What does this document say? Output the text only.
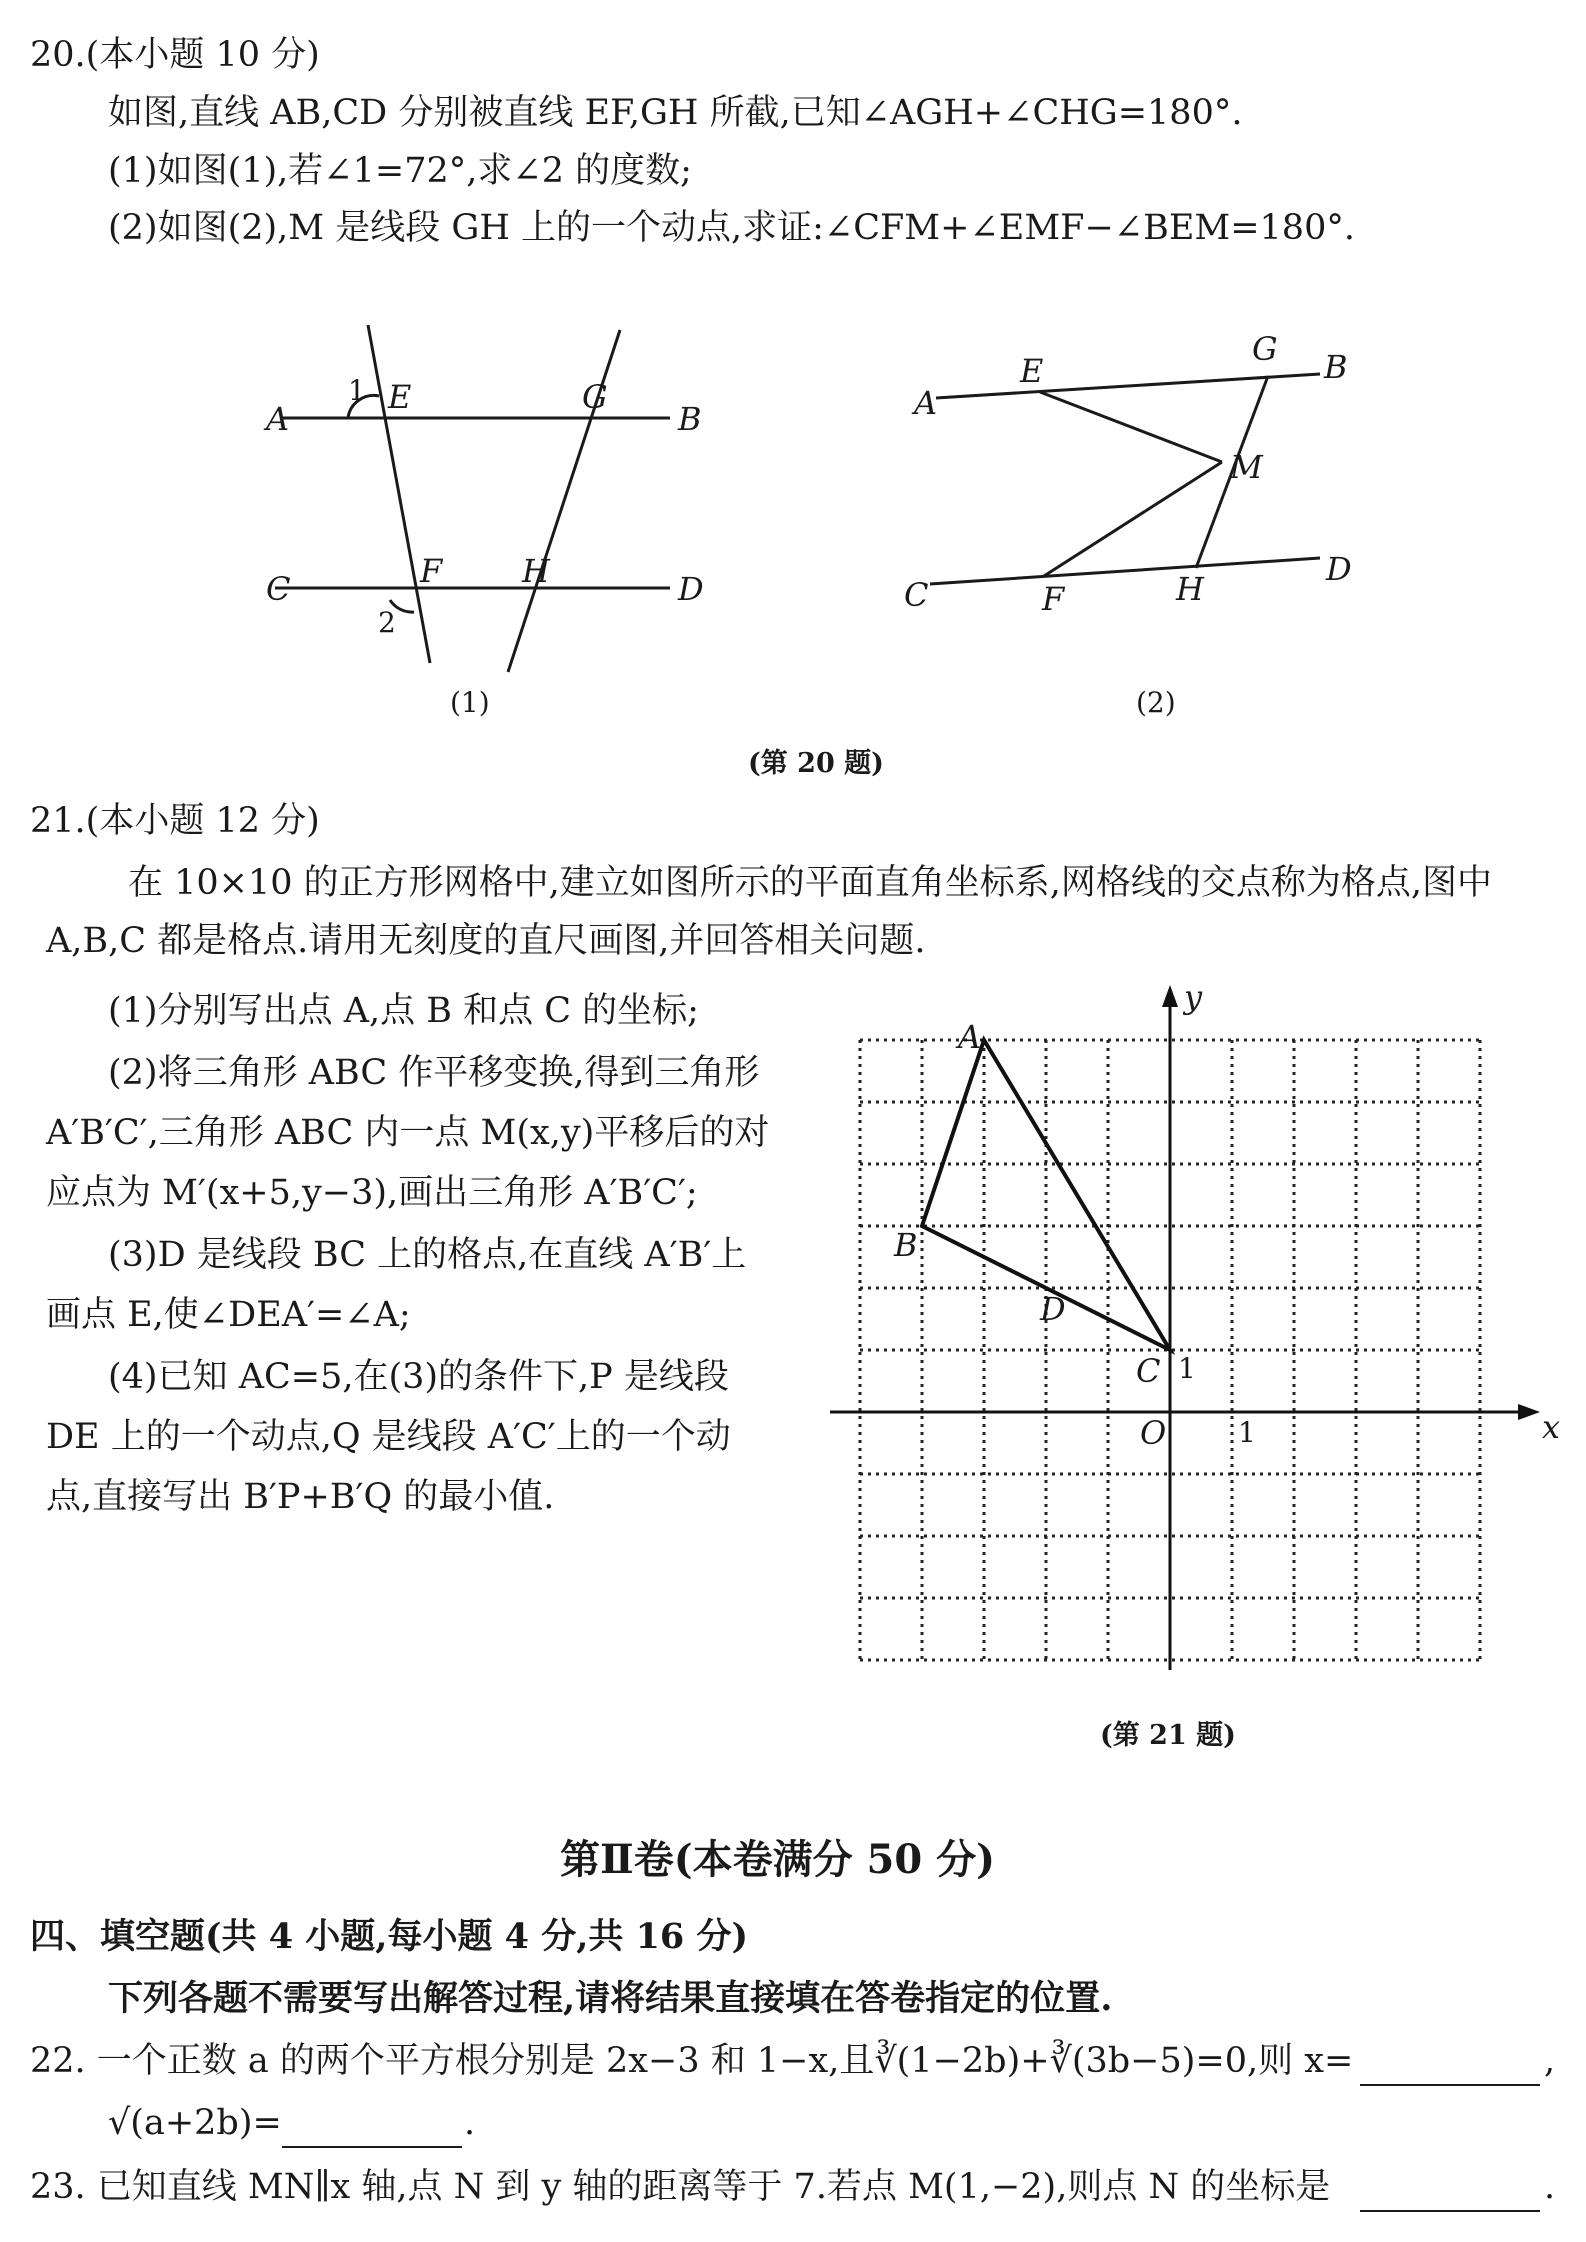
20.(本小题 10 分)
如图,直线 AB,CD 分别被直线 EF,GH 所截,已知∠AGH+∠CHG=180°.
(1)如图(1),若∠1=72°,求∠2 的度数;
(2)如图(2),M 是线段 GH 上的一个动点,求证:∠CFM+∠EMF−∠BEM=180°.
A	B
C	D
E
F
G
H
1
2
(1)
A
B
C
D
E
F
G
H
M
(2)
(第 20 题)
21.(本小题 12 分)
在 10×10 的正方形网格中,建立如图所示的平面直角坐标系,网格线的交点称为格点,图中
A,B,C 都是格点.请用无刻度的直尺画图,并回答相关问题.
(1)分别写出点 A,点 B 和点 C 的坐标;
(2)将三角形 ABC 作平移变换,得到三角形
A′B′C′,三角形 ABC 内一点 M(x,y)平移后的对
应点为 M′(x+5,y−3),画出三角形 A′B′C′;
(3)D 是线段 BC 上的格点,在直线 A′B′上
画点 E,使∠DEA′=∠A;
(4)已知 AC=5,在(3)的条件下,P 是线段
DE 上的一个动点,Q 是线段 A′C′上的一个动
点,直接写出 B′P+B′Q 的最小值.
x
y
O	1
1
A
B
C
D
(第 21 题)
第Ⅱ卷(本卷满分 50 分)
四、填空题(共 4 小题,每小题 4 分,共 16 分)
下列各题不需要写出解答过程,请将结果直接填在答卷指定的位置.
22. 一个正数 a 的两个平方根分别是 2x−3 和 1−x,且∛(1−2b)+∛(3b−5)=0,则 x=	,
√(a+2b)=	.
23. 已知直线 MN∥x 轴,点 N 到 y 轴的距离等于 7.若点 M(1,−2),则点 N 的坐标是	.
